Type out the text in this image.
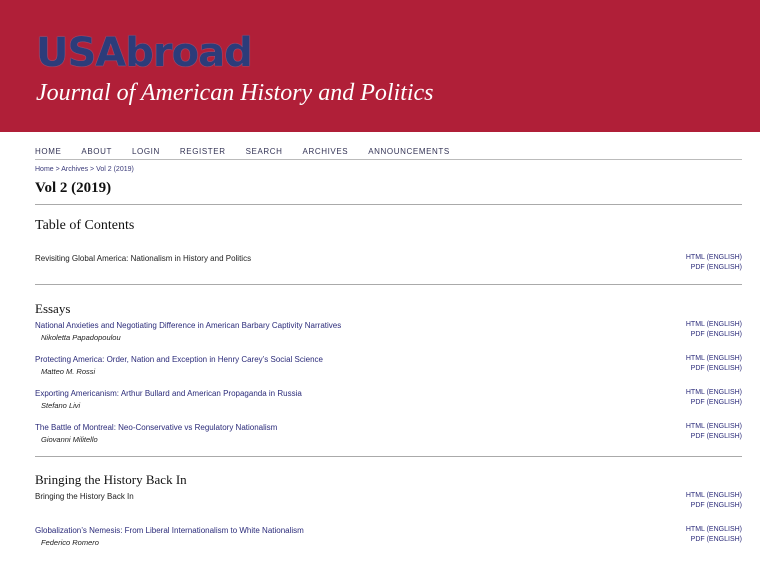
USAbroad
Journal of American History and Politics
HOME	ABOUT	LOGIN	REGISTER	SEARCH	ARCHIVES	ANNOUNCEMENTS
Home > Archives > Vol 2 (2019)
Vol 2 (2019)
Table of Contents
Revisiting Global America: Nationalism in History and Politics	HTML (ENGLISH)
PDF (ENGLISH)
Essays
National Anxieties and Negotiating Difference in American Barbary Captivity Narratives
Nikoletta Papadopoulou
HTML (ENGLISH)
PDF (ENGLISH)
Protecting America: Order, Nation and Exception in Henry Carey’s Social Science
Matteo M. Rossi
HTML (ENGLISH)
PDF (ENGLISH)
Exporting Americanism: Arthur Bullard and American Propaganda in Russia
Stefano Livi
HTML (ENGLISH)
PDF (ENGLISH)
The Battle of Montreal: Neo-Conservative vs Regulatory Nationalism
Giovanni Militello
HTML (ENGLISH)
PDF (ENGLISH)
Bringing the History Back In
Bringing the History Back In	HTML (ENGLISH)
PDF (ENGLISH)
Globalization’s Nemesis: From Liberal Internationalism to White Nationalism
Federico Romero
HTML (ENGLISH)
PDF (ENGLISH)
